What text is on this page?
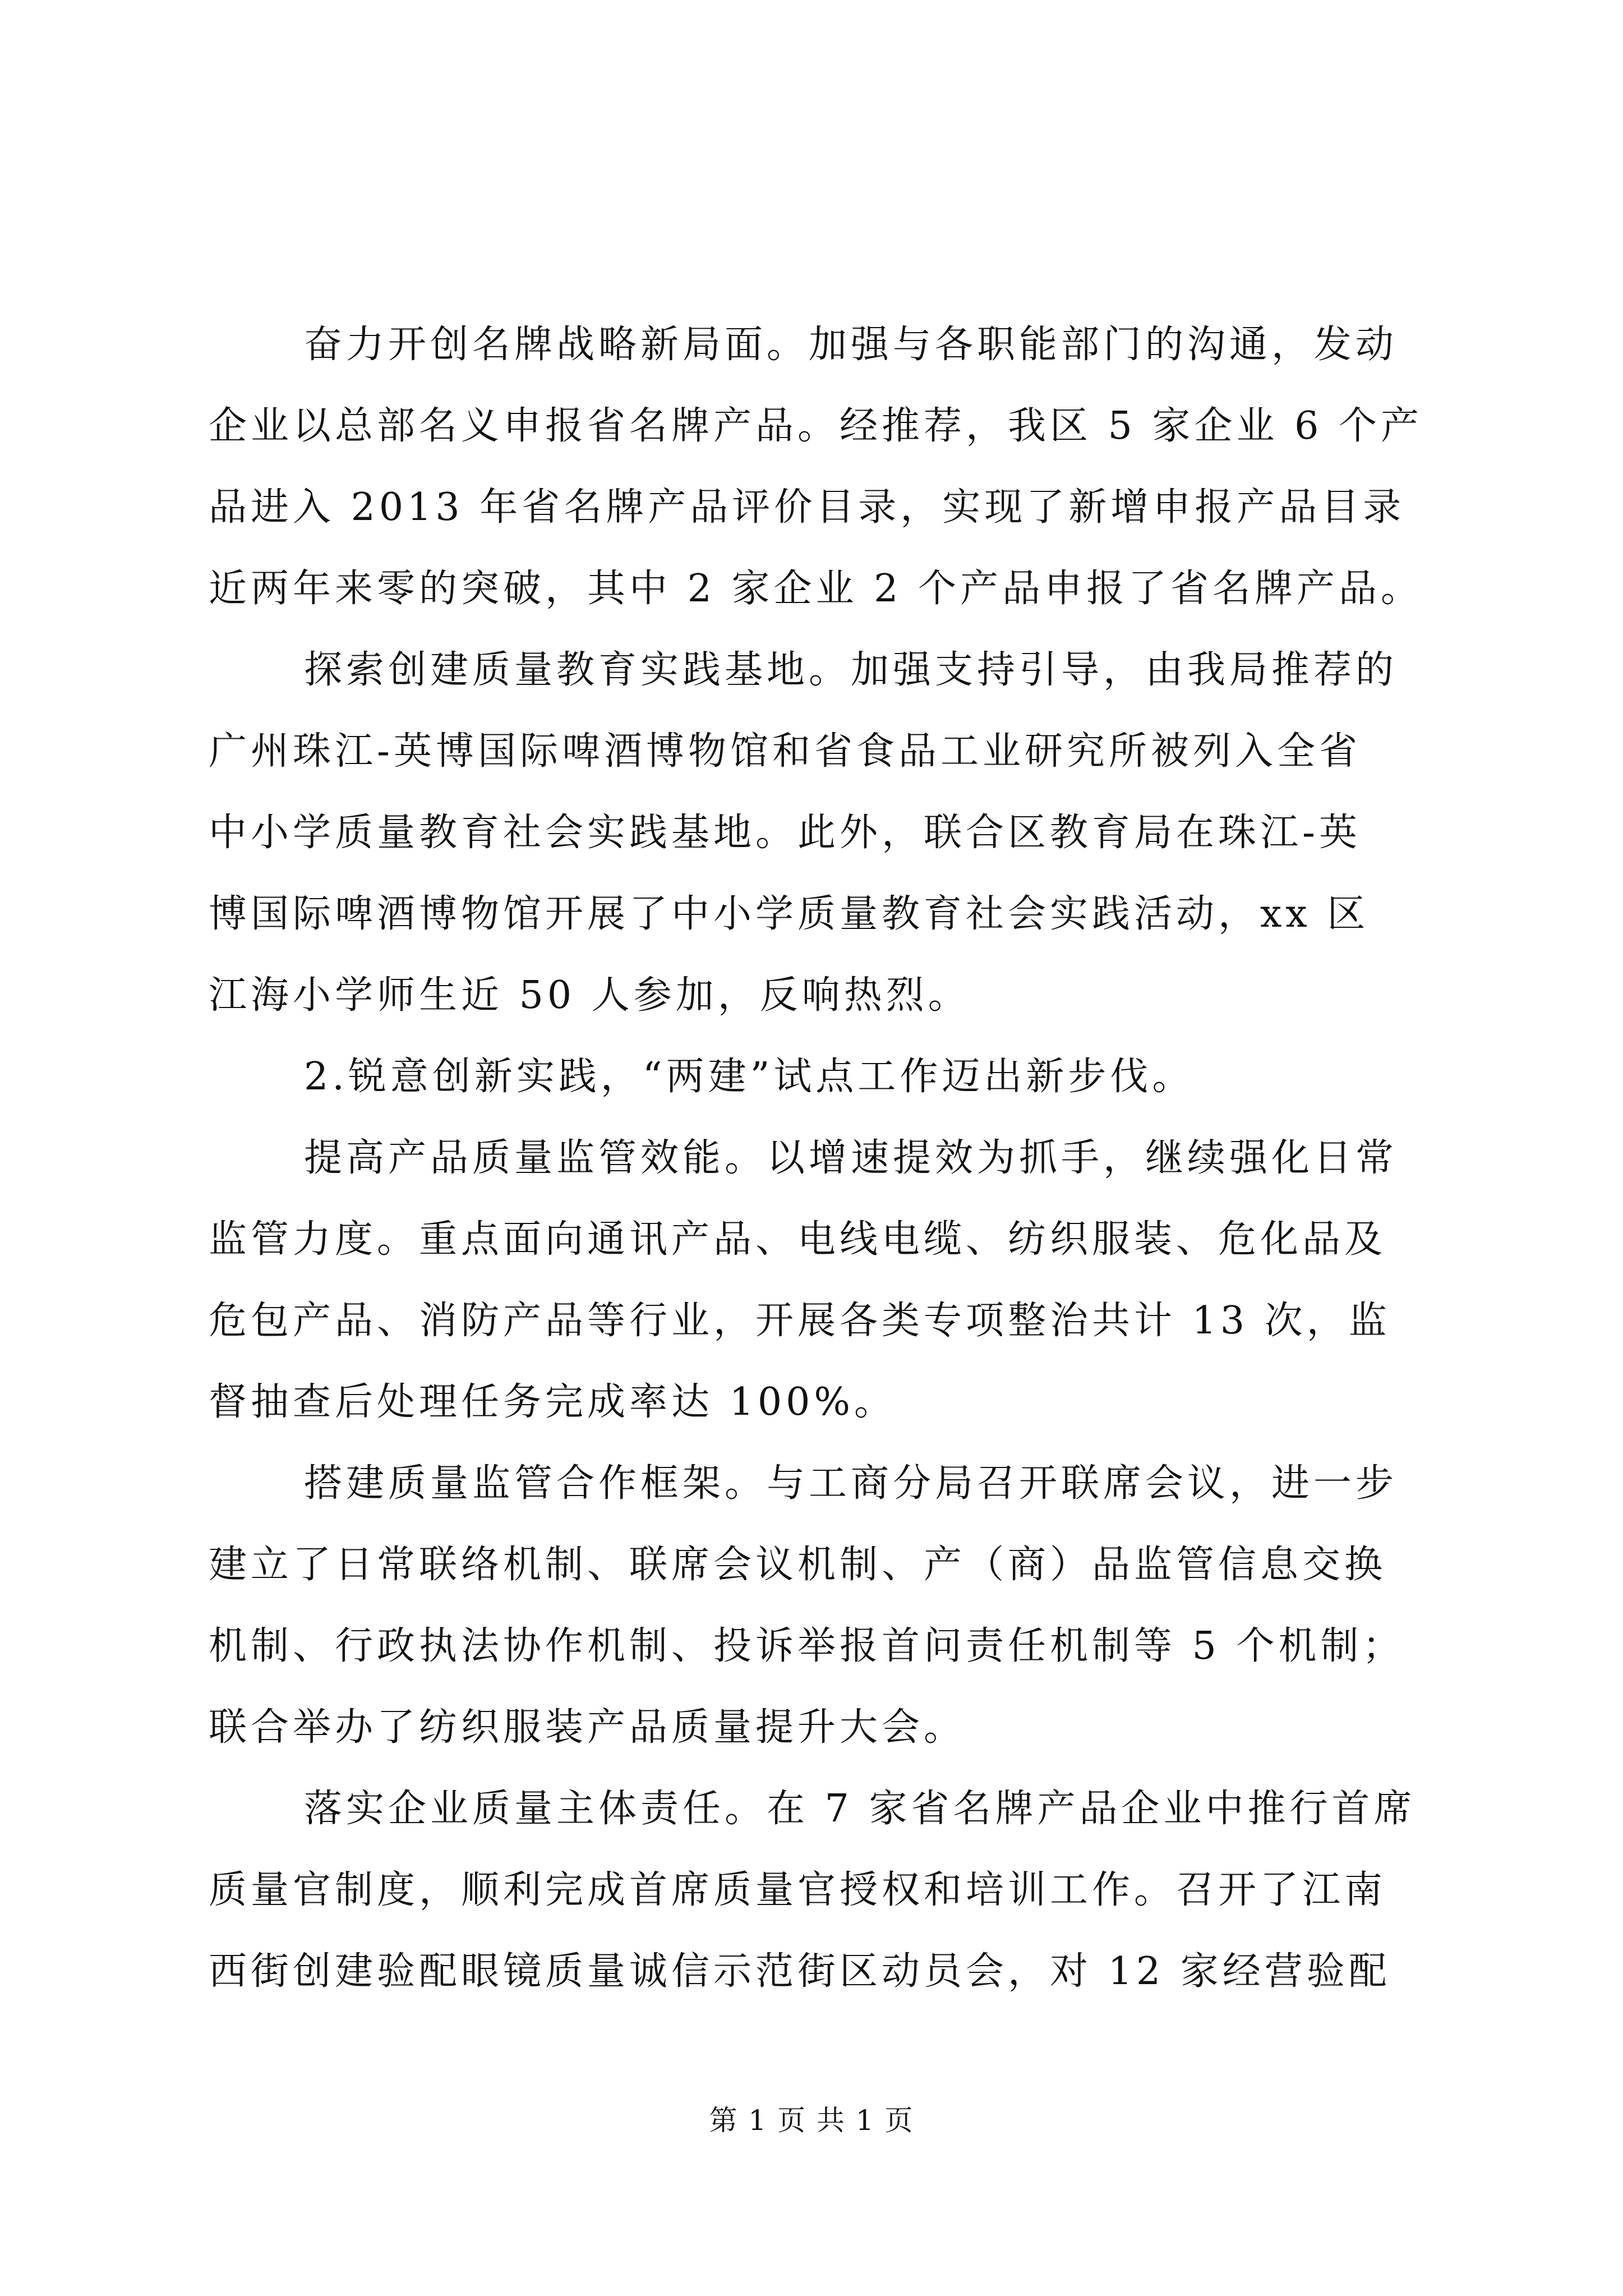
奋力开创名牌战略新局面。加强与各职能部门的沟通，发动
企业以总部名义申报省名牌产品。经推荐，我区 5 家企业 6 个产
品进入 2013 年省名牌产品评价目录，实现了新增申报产品目录
近两年来零的突破，其中 2 家企业 2 个产品申报了省名牌产品。
探索创建质量教育实践基地。加强支持引导，由我局推荐的
广州珠江-英博国际啤酒博物馆和省食品工业研究所被列入全省
中小学质量教育社会实践基地。此外，联合区教育局在珠江-英
博国际啤酒博物馆开展了中小学质量教育社会实践活动，xx 区
江海小学师生近 50 人参加，反响热烈。
2.锐意创新实践，“两建”试点工作迈出新步伐。
提高产品质量监管效能。以增速提效为抓手，继续强化日常
监管力度。重点面向通讯产品、电线电缆、纺织服装、危化品及
危包产品、消防产品等行业，开展各类专项整治共计 13 次，监
督抽查后处理任务完成率达 100%。
搭建质量监管合作框架。与工商分局召开联席会议，进一步
建立了日常联络机制、联席会议机制、产（商）品监管信息交换
机制、行政执法协作机制、投诉举报首问责任机制等 5 个机制；
联合举办了纺织服装产品质量提升大会。
落实企业质量主体责任。在 7 家省名牌产品企业中推行首席
质量官制度，顺利完成首席质量官授权和培训工作。召开了江南
西街创建验配眼镜质量诚信示范街区动员会，对 12 家经营验配
第 1 页 共 1 页
